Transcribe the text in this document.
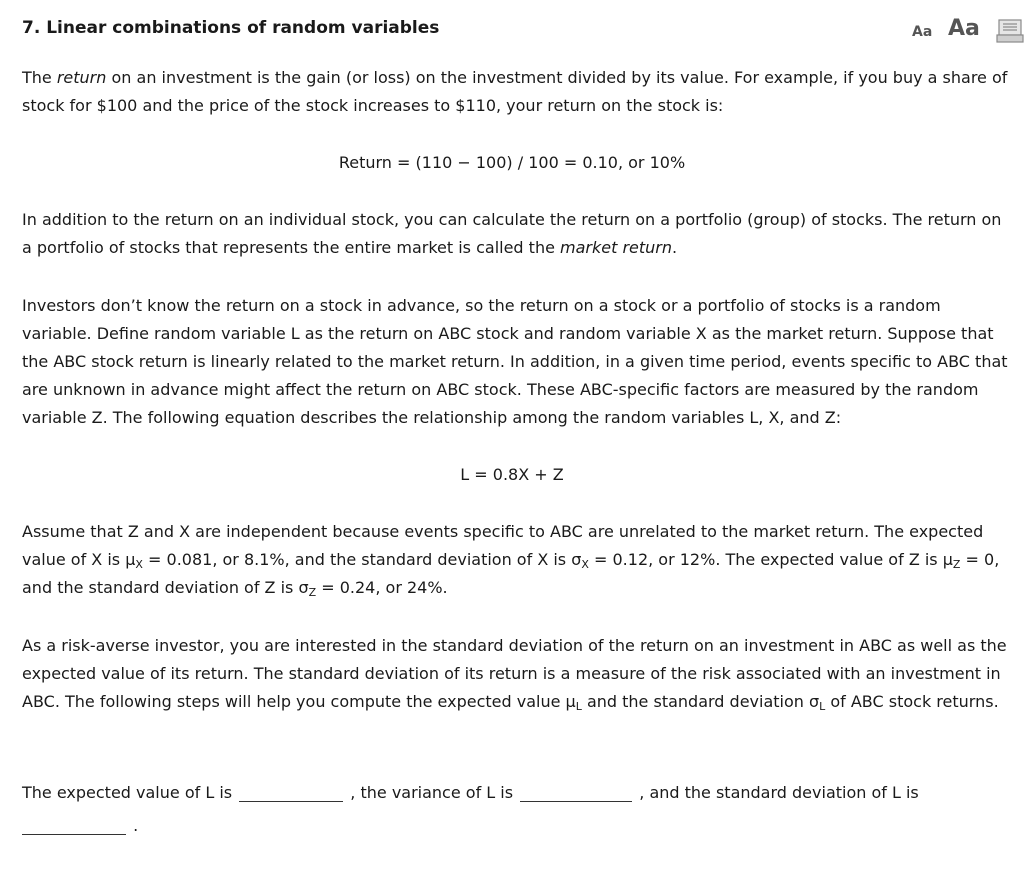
7. Linear combinations of random variables	Aa Aa

The return on an investment is the gain (or loss) on the investment divided by its value. For example, if you buy a share of stock for $100 and the price of the stock increases to $110, your return on the stock is:

Return = (110 − 100) / 100 = 0.10, or 10%

In addition to the return on an individual stock, you can calculate the return on a portfolio (group) of stocks. The return on a portfolio of stocks that represents the entire market is called the market return.

Investors don’t know the return on a stock in advance, so the return on a stock or a portfolio of stocks is a random variable. Define random variable L as the return on ABC stock and random variable X as the market return. Suppose that the ABC stock return is linearly related to the market return. In addition, in a given time period, events specific to ABC that are unknown in advance might affect the return on ABC stock. These ABC-specific factors are measured by the random variable Z. The following equation describes the relationship among the random variables L, X, and Z:

L = 0.8X + Z

Assume that Z and X are independent because events specific to ABC are unrelated to the market return. The expected value of X is $\mu_X = 0.081$, or 8.1%, and the standard deviation of X is $\sigma_X = 0.12$, or 12%. The expected value of Z is $\mu_Z = 0$, and the standard deviation of Z is $\sigma_Z = 0.24$, or 24%.

As a risk-averse investor, you are interested in the standard deviation of the return on an investment in ABC as well as the expected value of its return. The standard deviation of its return is a measure of the risk associated with an investment in ABC. The following steps will help you compute the expected value $\mu_L$ and the standard deviation $\sigma_L$ of ABC stock returns.

The expected value of L is	, the variance of L is	, and the standard deviation of L is
.
